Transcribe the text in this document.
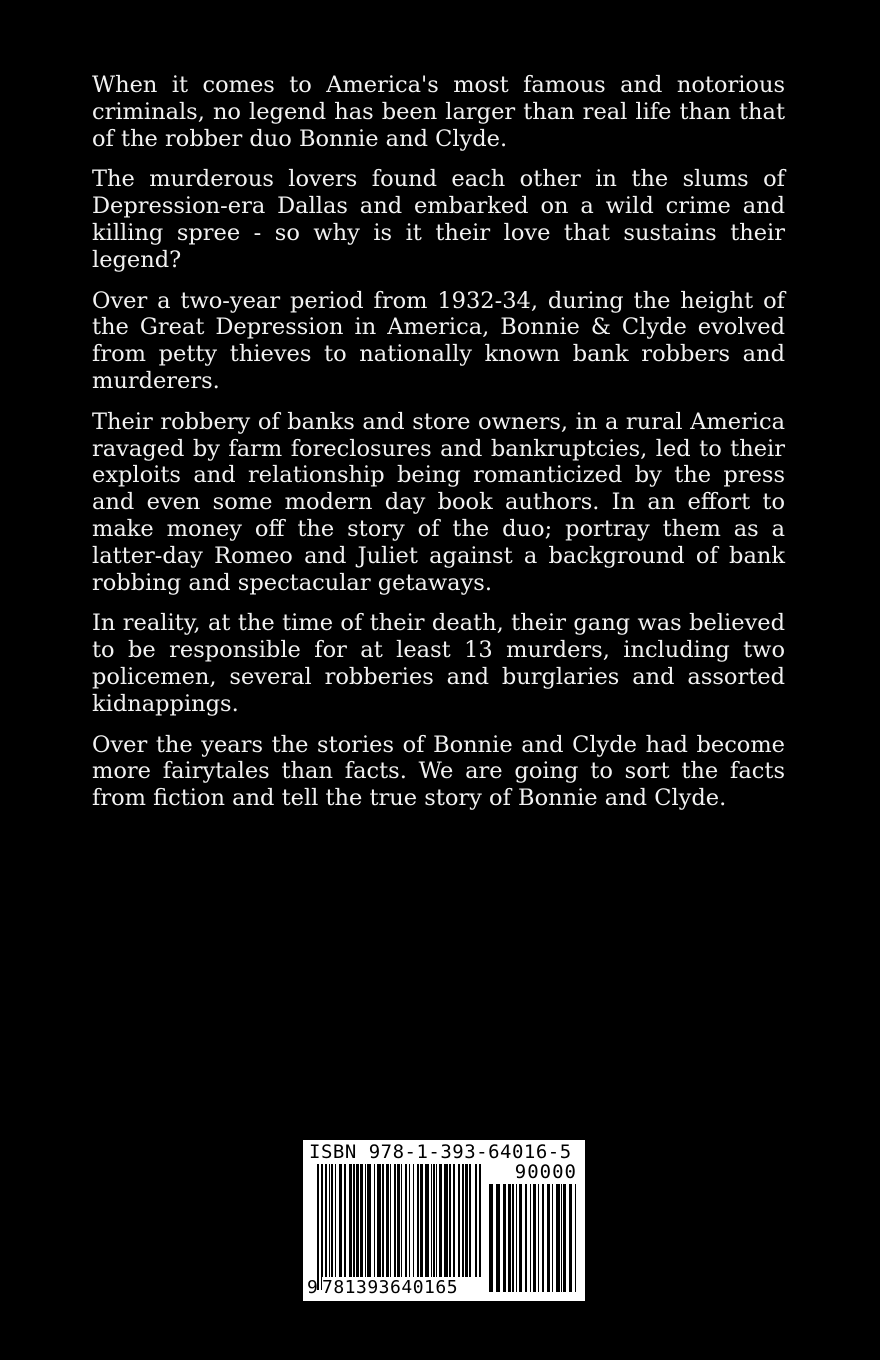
When it comes to America's most famous and notorious criminals, no legend has been larger than real life than that of the robber duo Bonnie and Clyde.

The murderous lovers found each other in the slums of Depression-era Dallas and embarked on a wild crime and killing spree - so why is it their love that sustains their legend?

Over a two-year period from 1932-34, during the height of the Great Depression in America, Bonnie & Clyde evolved from petty thieves to nationally known bank robbers and murderers.

Their robbery of banks and store owners, in a rural America ravaged by farm foreclosures and bankruptcies, led to their exploits and relationship being romanticized by the press and even some modern day book authors. In an effort to make money off the story of the duo; portray them as a latter-day Romeo and Juliet against a background of bank robbing and spectacular getaways.

In reality, at the time of their death, their gang was believed to be responsible for at least 13 murders, including two policemen, several robberies and burglaries and assorted kidnappings.

Over the years the stories of Bonnie and Clyde had become more fairytales than facts. We are going to sort the facts from fiction and tell the true story of Bonnie and Clyde.

ISBN 978-1-393-64016-5
90000
9 781393640165
